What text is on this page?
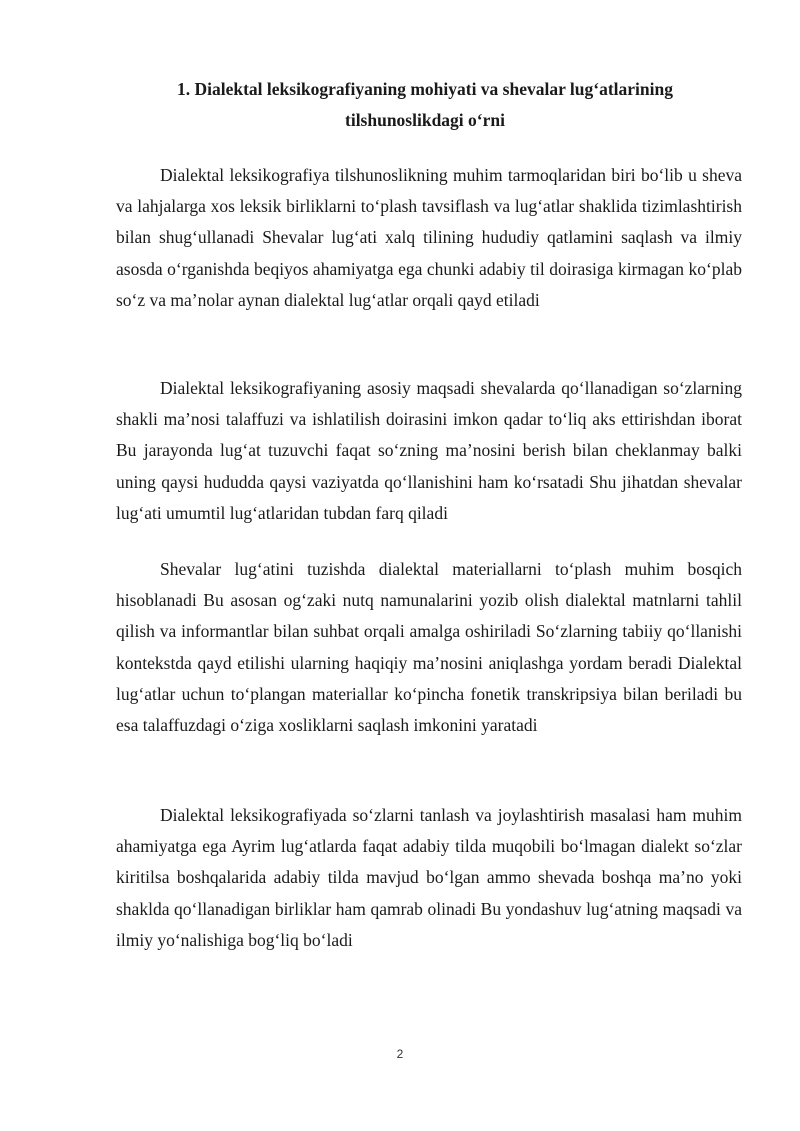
1. Dialektal leksikografiyaning mohiyati va shevalar lug‘atlarining
tilshunoslikdagi o‘rni

Dialektal leksikografiya tilshunoslikning muhim tarmoqlaridan biri bo‘lib u sheva va lahjalarga xos leksik birliklarni to‘plash tavsiflash va lug‘atlar shaklida tizimlashtirish bilan shug‘ullanadi Shevalar lug‘ati xalq tilining hududiy qatlamini saqlash va ilmiy asosda o‘rganishda beqiyos ahamiyatga ega chunki adabiy til doirasiga kirmagan ko‘plab so‘z va ma’nolar aynan dialektal lug‘atlar orqali qayd etiladi

Dialektal leksikografiyaning asosiy maqsadi shevalarda qo‘llanadigan so‘zlarning shakli ma’nosi talaffuzi va ishlatilish doirasini imkon qadar to‘liq aks ettirishdan iborat Bu jarayonda lug‘at tuzuvchi faqat so‘zning ma’nosini berish bilan cheklanmay balki uning qaysi hududda qaysi vaziyatda qo‘llanishini ham ko‘rsatadi Shu jihatdan shevalar lug‘ati umumtil lug‘atlaridan tubdan farq qiladi

Shevalar lug‘atini tuzishda dialektal materiallarni to‘plash muhim bosqich hisoblanadi Bu asosan og‘zaki nutq namunalarini yozib olish dialektal matnlarni tahlil qilish va informantlar bilan suhbat orqali amalga oshiriladi So‘zlarning tabiiy qo‘llanishi kontekstda qayd etilishi ularning haqiqiy ma’nosini aniqlashga yordam beradi Dialektal lug‘atlar uchun to‘plangan materiallar ko‘pincha fonetik transkripsiya bilan beriladi bu esa talaffuzdagi o‘ziga xosliklarni saqlash imkonini yaratadi

Dialektal leksikografiyada so‘zlarni tanlash va joylashtirish masalasi ham muhim ahamiyatga ega Ayrim lug‘atlarda faqat adabiy tilda muqobili bo‘lmagan dialekt so‘zlar kiritilsa boshqalarida adabiy tilda mavjud bo‘lgan ammo shevada boshqa ma’no yoki shaklda qo‘llanadigan birliklar ham qamrab olinadi Bu yondashuv lug‘atning maqsadi va ilmiy yo‘nalishiga bog‘liq bo‘ladi

2
